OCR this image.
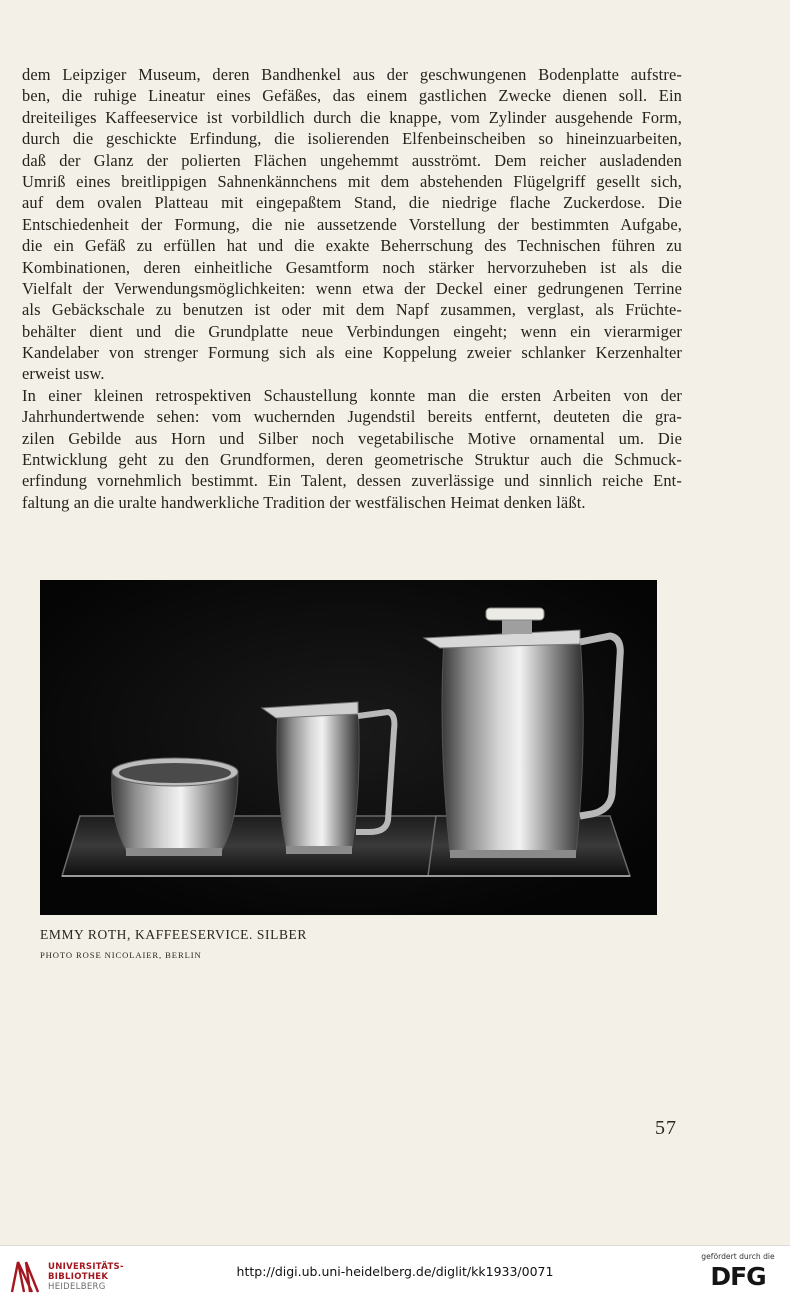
dem Leipziger Museum, deren Bandhenkel aus der geschwungenen Bodenplatte aufstre-
ben, die ruhige Lineatur eines Gefäßes, das einem gastlichen Zwecke dienen soll. Ein
dreiteiliges Kaffeeservice ist vorbildlich durch die knappe, vom Zylinder ausgehende Form,
durch die geschickte Erfindung, die isolierenden Elfenbeinscheiben so hineinzuarbeiten,
daß der Glanz der polierten Flächen ungehemmt ausströmt. Dem reicher ausladenden
Umriß eines breitlippigen Sahnenkännchens mit dem abstehenden Flügelgriff gesellt sich,
auf dem ovalen Plattеau mit eingepaßtem Stand, die niedrige flache Zuckerdose. Die
Entschiedenheit der Formung, die nie aussetzende Vorstellung der bestimmten Aufgabe,
die ein Gefäß zu erfüllen hat und die exakte Beherrschung des Technischen führen zu
Kombinationen, deren einheitliche Gesamtform noch stärker hervorzuheben ist als die
Vielfalt der Verwendungsmöglichkeiten: wenn etwa der Deckel einer gedrungenen Terrine
als Gebäckschale zu benutzen ist oder mit dem Napf zusammen, verglast, als Früchte-
behälter dient und die Grundplatte neue Verbindungen eingeht; wenn ein vierarmiger
Kandelaber von strenger Formung sich als eine Koppelung zweier schlanker Kerzenhalter
erweist usw.
In einer kleinen retrospektiven Schaustellung konnte man die ersten Arbeiten von der
Jahrhundertwende sehen: vom wuchernden Jugendstil bereits entfernt, deuteten die gra-
zilen Gebilde aus Horn und Silber noch vegetabilische Motive ornamental um. Die
Entwicklung geht zu den Grundformen, deren geometrische Struktur auch die Schmuck-
erfindung vornehmlich bestimmt. Ein Talent, dessen zuverlässige und sinnlich reiche Ent-
faltung an die uralte handwerkliche Tradition der westfälischen Heimat denken läßt.
EMMY ROTH, KAFFEESERVICE. SILBER
PHOTO ROSE NICOLAIER, BERLIN
57
UNIVERSITÄTS-
BIBLIOTHEK
HEIDELBERG
http://digi.ub.uni-heidelberg.de/diglit/kk1933/0071
gefördert durch die
DFG
